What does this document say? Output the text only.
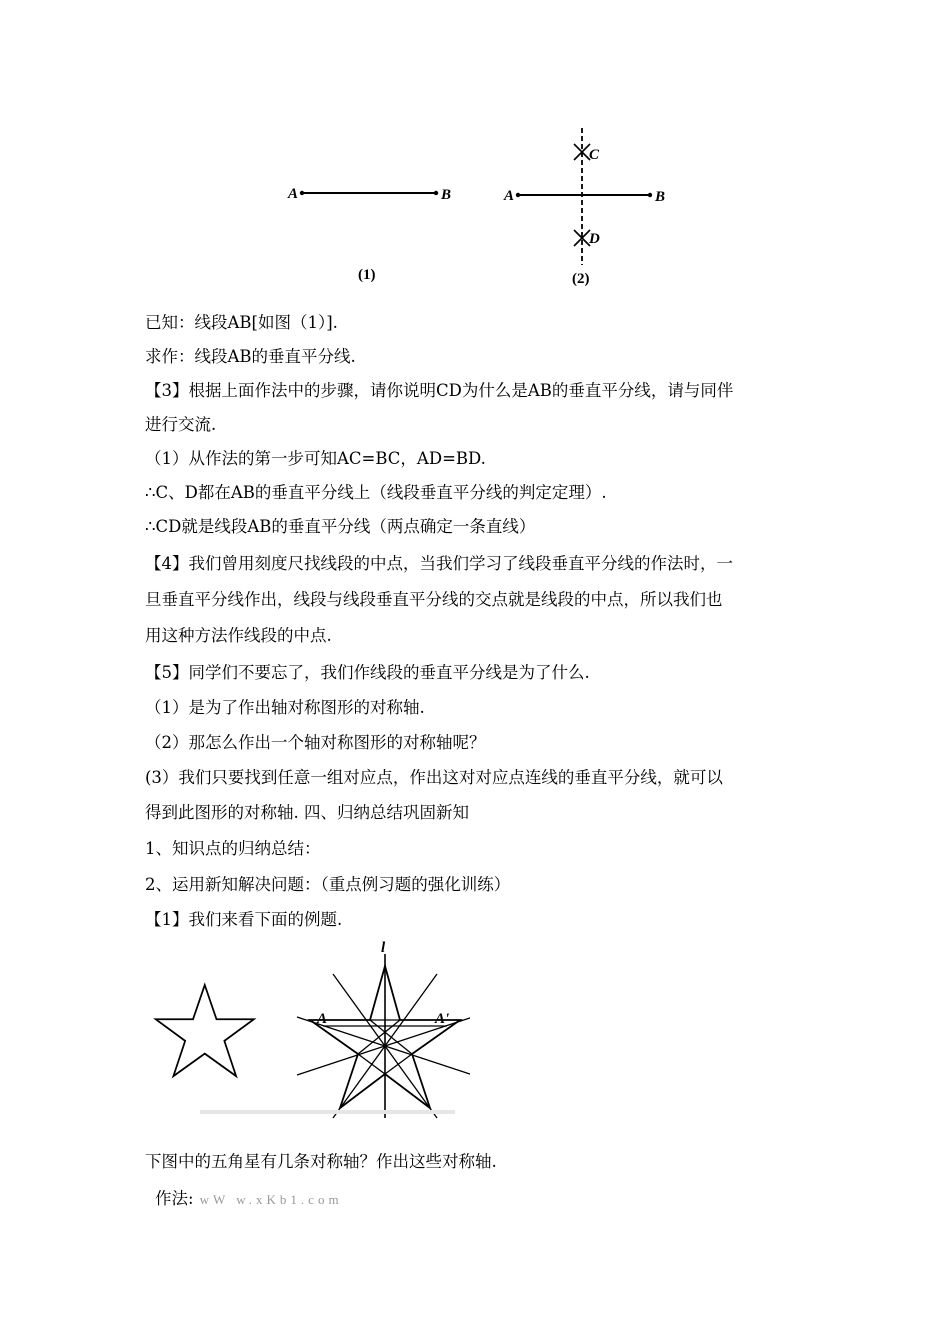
A	B
(1)
A	B
C
D
(2)

已知：线段AB[如图（1）].

求作：线段AB的垂直平分线.

【3】根据上面作法中的步骤，请你说明CD为什么是AB的垂直平分线，请与同伴

进行交流.

（1）从作法的第一步可知AC=BC，AD=BD.

∴C、D都在AB的垂直平分线上（线段垂直平分线的判定定理）.

∴CD就是线段AB的垂直平分线（两点确定一条直线）

【4】我们曾用刻度尺找线段的中点，当我们学习了线段垂直平分线的作法时，一

旦垂直平分线作出，线段与线段垂直平分线的交点就是线段的中点，所以我们也

用这种方法作线段的中点.

【5】同学们不要忘了，我们作线段的垂直平分线是为了什么.

（1）是为了作出轴对称图形的对称轴.

（2）那怎么作出一个轴对称图形的对称轴呢？

(3）我们只要找到任意一组对应点，作出这对对应点连线的垂直平分线，就可以

得到此图形的对称轴. 四、归纳总结巩固新知

1、知识点的归纳总结：

2、运用新知解决问题：（重点例习题的强化训练）

【1】我们来看下面的例题.

l
A	A'

下图中的五角星有几条对称轴？作出这些对称轴.

作法: wW w.xKb1.com
